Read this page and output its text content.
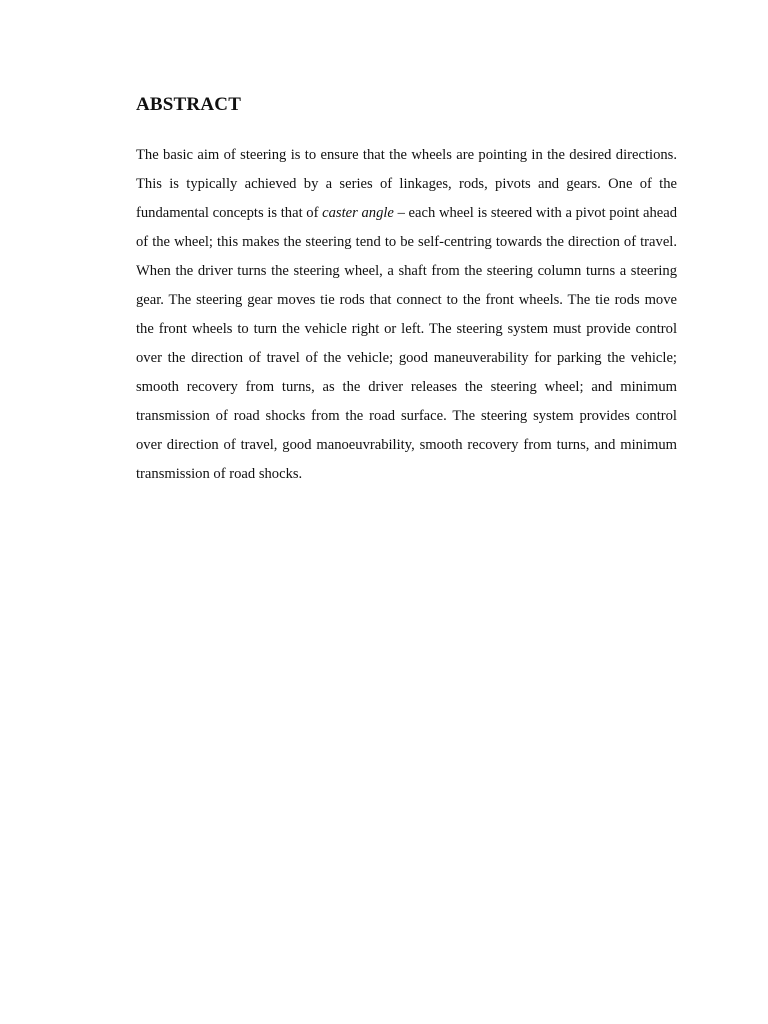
ABSTRACT

The basic aim of steering is to ensure that the wheels are pointing in the desired directions. This is typically achieved by a series of linkages, rods, pivots and gears. One of the fundamental concepts is that of caster angle – each wheel is steered with a pivot point ahead of the wheel; this makes the steering tend to be self-centring towards the direction of travel. When the driver turns the steering wheel, a shaft from the steering column turns a steering gear. The steering gear moves tie rods that connect to the front wheels. The tie rods move the front wheels to turn the vehicle right or left. The steering system must provide control over the direction of travel of the vehicle; good maneuverability for parking the vehicle; smooth recovery from turns, as the driver releases the steering wheel; and minimum transmission of road shocks from the road surface. The steering system provides control over direction of travel, good manoeuvrability, smooth recovery from turns, and minimum transmission of road shocks.
